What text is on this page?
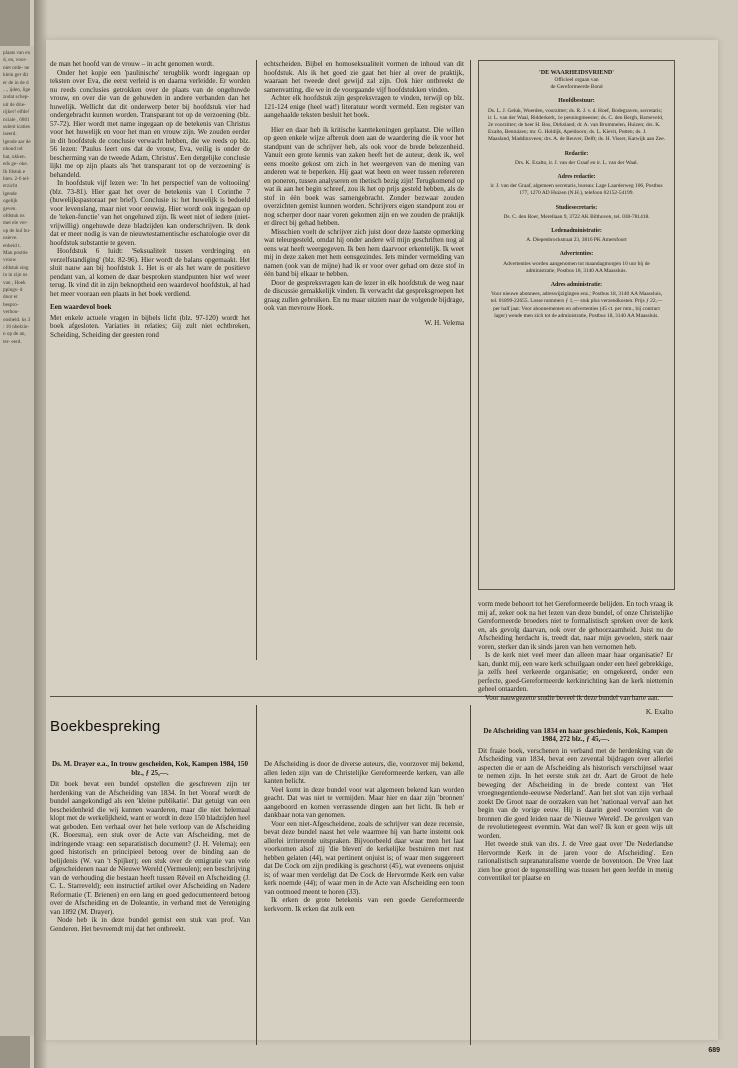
plaats van en d, en, voor- niet orde- ne klein ger dit er de in de d ..., ijden, lige zodat schep- uit de drie- rijker! elfde! nciale , 6801 sulent icaties iseerd. lgende aar de nhoud nd hat, ukken. eds ge- oke. Ik fdstuk e bien. 2-6 tel- erzicht lgende ogelijk geven. ofdstuk ns met ele ver- op de hul bu- usieve. enheid t. Man positie vrouw ofdstuk sing in in zijn ns van , Hoek ppings- d door er bespro- verhou- oosheid. ks 3 : 16 nbelzin- n op de an, ter- eerd.

de man het hoofd van de vrouw – in acht genomen wordt.

Onder het kopje een 'paulinische' terugblik wordt ingegaan op teksten over Eva, die eerst verleid is en daarna verleidde. Er worden nu reeds conclusies getrokken over de plaats van de ongehuwde vrouw, en over die van de gehuwden in andere verbanden dan het huwelijk. Wellicht dat dit onderwerp beter bij hoofdstuk vier had ondergebracht kunnen worden. Transparant tot op de verzoening (blz. 57-72). Hier wordt met name ingegaan op de betekenis van Christus voor het huwelijk en voor het man en vrouw zijn. We zouden eerder in dit hoofdstuk de conclusie verwacht hebben, die we reeds op blz. 56 lezen: 'Paulus leert ons dat de vrouw, Eva, veilig is onder de bescherming van de tweede Adam, Christus'. Een dergelijke conclusie lijkt me op zijn plaats als 'het transparant tot op de verzoening' is behandeld.

In hoofdstuk vijf lezen we: 'In het perspectief van de voltooiing' (blz. 73-81). Hier gaat het over de betekenis van 1 Corinthe 7 (huwelijkspastoraat per brief). Conclusie is: het huwelijk is bedoeld voor levenslang, maar niet voor eeuwig. Hier wordt ook ingegaan op de 'teken-functie' van het ongehuwd zijn. Ik weet niet of iedere (niet-vrijwillig) ongehuwde deze bladzijden kan onderschrijven. Ik denk dat er meer nodig is van de nieuwtestamentische eschatologie over dit hoofdstuk substantie te geven.

Hoofdstuk 6 luidt: 'Seksualiteit tussen verdringing en verzelfstandiging' (blz. 82-96). Hier wordt de balans opgemaakt. Het sluit nauw aan bij hoofdstuk 1. Het is er als het ware de positieve pendant van, al komen de daar besproken standpunten hier wel weer terug. Ik vind dit in zijn beknoptheid een waardevol hoofdstuk, al had het meer vooraan een plaats in het boek verdiend.

Een waardevol boek

Met enkele actuele vragen in bijbels licht (blz. 97-120) wordt het boek afgesloten. Variaties in relaties; Gij zult niet echtbreken, Scheiding, Scheiding der geesten rond

echtscheiden. Bijbel en homoseksualiteit vormen de inhoud van dit hoofdstuk. Als ik het goed zie gaat het hier al over de praktijk, waaraan het tweede deel gewijd zal zijn. Ook hier ontbreekt de samenvatting, die we in de voorgaande vijf hoofdstukken vinden.

Achter elk hoofdstuk zijn gespreksvragen te vinden, terwijl op blz. 121-124 enige (heel wat!) literatuur wordt vermeld. Een register van aangehaalde teksten besluit het boek.

Hier en daar heb ik kritische kanttekeningen geplaatst. Die willen op geen enkele wijze afbreuk doen aan de waardering die ik voor het standpunt van de schrijver heb, als ook voor de brede belezenheid. Vanuit een grote kennis van zaken heeft het de auteur, denk ik, wel eens moeite gekost om zich in het weergeven van de mening van anderen wat te beperken. Hij gaat wat heen en weer tussen refereren en poneren, tussen analyseren en thetisch bezig zijn! Terugkomend op wat ik aan het begin schreef, zou ik het op prijs gesteld hebben, als de stof in één boek was samengebracht. Zonder bezwaar zouden overzichten gemist kunnen worden. Schrijvers eigen standpunt zou er nog scherper door naar voren gekomen zijn en we zouden de praktijk er direct bij gehad hebben.

Misschien voelt de schrijver zich juist door deze laatste opmerking wat teleurgesteld, omdat hij onder andere wil mijn geschriften nog al eens wat heeft weergegeven. Ik ben hem daarvoor erkentelijk. Ik weet mij in deze zaken met hem eensgezindes. Iets minder vermelding van namen (ook van de mijne) had ik er voor over gehad om deze stof in één band bij elkaar te hebben.

Door de gespreksvragen kan de lezer in elk hoofdstuk de weg naar de discussie gemakkelijk vinden. Ik verwacht dat gespreksgroepen het graag zullen gebruiken. En nu maar uitzien naar de volgende bijdrage, ook van mevrouw Hoek.

W. H. Velema
'DE WAARHEIDSVRIEND'
Officieel orgaan van
de Gereformeerde Bond
Hoofdbestuur:
Ds. L. J. Geluk, Woerden, voorzitter; ds. R. J. v. d. Hoef, Bodegraven, secretaris; ir. L. van der Waal, Ridderkerk, 1e penningmeester; ds. C. den Bergh, Barneveld, 2e voorzitter; de heer H. Bos, Dirksland; dr. A. van Brummelen, Huizen; drs. K. Exalto, Bentuizen; mr. G. Holdijk, Apeldoorn; ds. L. Kievit, Putten; ds. J. Maasland, Maddinxveen; drs. A. de Reuver, Delft; ds. H. Visser, Katwijk aan Zee.
Redactie:
Drs. K. Exalto, ir. J. van der Graaf en ir. L. van der Waal.
Adres redactie:
ir. J. van der Graaf, algemeen secretaris, bureau: Lage Laarderweg 106, Postbus 177, 1270 AD Huizen (N.H.), telefoon 02152-54199.
Studiesecretaris:
Ds. C. den Boer, Merellaan 9, 3722 AK Bilthoven, tel. 030-781418.
Ledenadministratie:
A. Diepenbrockstraat 23, 3816 PK Amersfoort
Advertenties:
Advertenties worden aangenomen tot maandagmorgen 10 uur bij de administratie, Postbus 18, 3140 AA Maassluis.
Adres administratie:
Voor nieuwe abonnees, adreswijzigingen enz.; Postbus 18, 3140 AA Maassluis, tel. 01899-22655. Losse nummers ƒ 1,— stuk plus verzendkosten. Prijs ƒ 22,— per half jaar. Voor abonnementen en advertenties (45 ct. per mm., bij contract lager) wende men zich tot de administratie, Postbus 18, 3140 AA Maassluis.

vorm mede behoort tot het Gereformeerde belijden. En toch vraag ik mij af, zeker ook na het lezen van deze bundel, of onze Christelijke Gereformeerde broeders niet te formalistisch spreken over de kerk en, als gevolg daarvan, ook over de gehoorzaamheid. Juist nu de Afscheiding herdacht is, treedt dat, naar mijn gevoelen, sterk naar voren, sterker dan ik sinds jaren van hen vernomen heb.

Is de kerk niet veel meer dan alleen maar haar organisatie? Er kan, dunkt mij, een ware kerk schuilgaan onder een heel gebrekkige, ja zelfs heel verkeerde organisatie; en omgekeerd, onder een perfecte, goed-Gereformeerde kerkinrichting kan de kerk niettemin geheel ontaarden.

Voor nauwgezette studie beveel ik deze bundel van harte aan.

K. Exalto
De Afscheiding van 1834 en haar geschiedenis, Kok, Kampen 1984, 272 blz., ƒ 45,—.

Dit fraaie boek, verschenen in verband met de herdenking van de Afscheiding van 1834, bevat een zevental bijdragen over allerlei aspecten die er aan de Afscheiding als historisch verschijnsel waar te nemen zijn. In het eerste stuk zet dr. Aart de Groot de hele beweging der Afscheiding in de brede context van 'Het vroegnegentiende-eeuwse Nederland'. Aan het slot van zijn verhaal zoekt De Groot naar de oorzaken van het 'nationaal verval' aan het begin van de vorige eeuw. Hij is daarin goed voorzien van de bronnen die goed leiden naar de 'Nieuwe Wereld'. De gevolgen van de revolutietegeest evenmin. Wat dan wel? Ik kon er geen wijs uit worden.

Het tweede stuk van drs. J. de Vree gaat over 'De Nederlandse Hervormde Kerk in de jaren voor de Afscheiding'. Een rationalistisch supranaturalisme voerde de boventoon. De Vree laat zien hoe groot de tegenstelling was tussen het geen leefde in menig conventikel ter plaatse en

Boekbespreking
Ds. M. Drayer e.a., In trouw gescheiden, Kok, Kampen 1984, 150 blz., ƒ 25,—.

Dit boek bevat een bundel opstellen die geschreven zijn ter herdenking van de Afscheiding van 1834. In het Vooraf wordt de bundel aangekondigd als een 'kleine publikatie'. Dat getuigt van een bescheidenheid die wij kunnen waarderen, maar die niet helemaal klopt met de werkelijkheid, want er wordt in deze 150 bladzijden heel wat geboden. Een verhaal over het hele verloop van de Afscheiding (K. Boersma), een stuk over de Acte van Afscheiding, met de indringende vraag: een separatistisch document? (J. H. Velema); een goed historisch en principieel betoog over de binding aan de belijdenis (W. van 't Spijker); een stuk over de emigratie van vele afgescheidenen naar de Nieuwe Wereld (Vermeulen); een beschrijving van de verhouding die bestaan heeft tussen Réveil en Afscheiding (J. C. L. Starreveld); een instructief artikel over Afscheiding en Nadere Reformatie (T. Brienen) en een lang en goed gedocumenteerd betoog over de Afscheiding en de Doleantie, in verband met de Vereniging van 1892 (M. Drayer).

Node heb ik in deze bundel gemist een stuk van prof. Van Genderen. Het bevreemdt mij dat het ontbreekt.

De Afscheiding is door de diverse auteurs, die, voorzover mij bekend, allen leden zijn van de Christelijke Gereformeerde kerken, van alle kanten belicht.

Veel komt in deze bundel voor wat algemeen bekend kan worden geacht. Dat was niet te vermijden. Maar hier en daar zijn 'bronnen' aangeboord en komen verrassende dingen aan het licht. Ik heb er dankbaar nota van genomen.

Voor een niet-Afgescheidene, zoals de schrijver van deze recensie, bevat deze bundel naast het vele waarmee hij van harte instemt ook allerlei irriterende uitspraken. Bijvoorbeeld daar waar men het laat voorkomen alsof zij 'die bleven' de kerkelijke bestuiren met rust hebben gelaten (44), wat pertinent onjuist is; of waar men suggereert dat De Cock om zijn prediking is geschorst (45), wat eveneens onjuist is; of waar men verdeligt dat De Cock de Hervormde Kerk een valse kerk noemde (44); of waar men in de Acte van Afscheiding een toon van ootmoed meent te horen (33).

Ik erken de grote betekenis van een goede Gereformeerde kerkvorm. Ik erken dat zulk een

689
